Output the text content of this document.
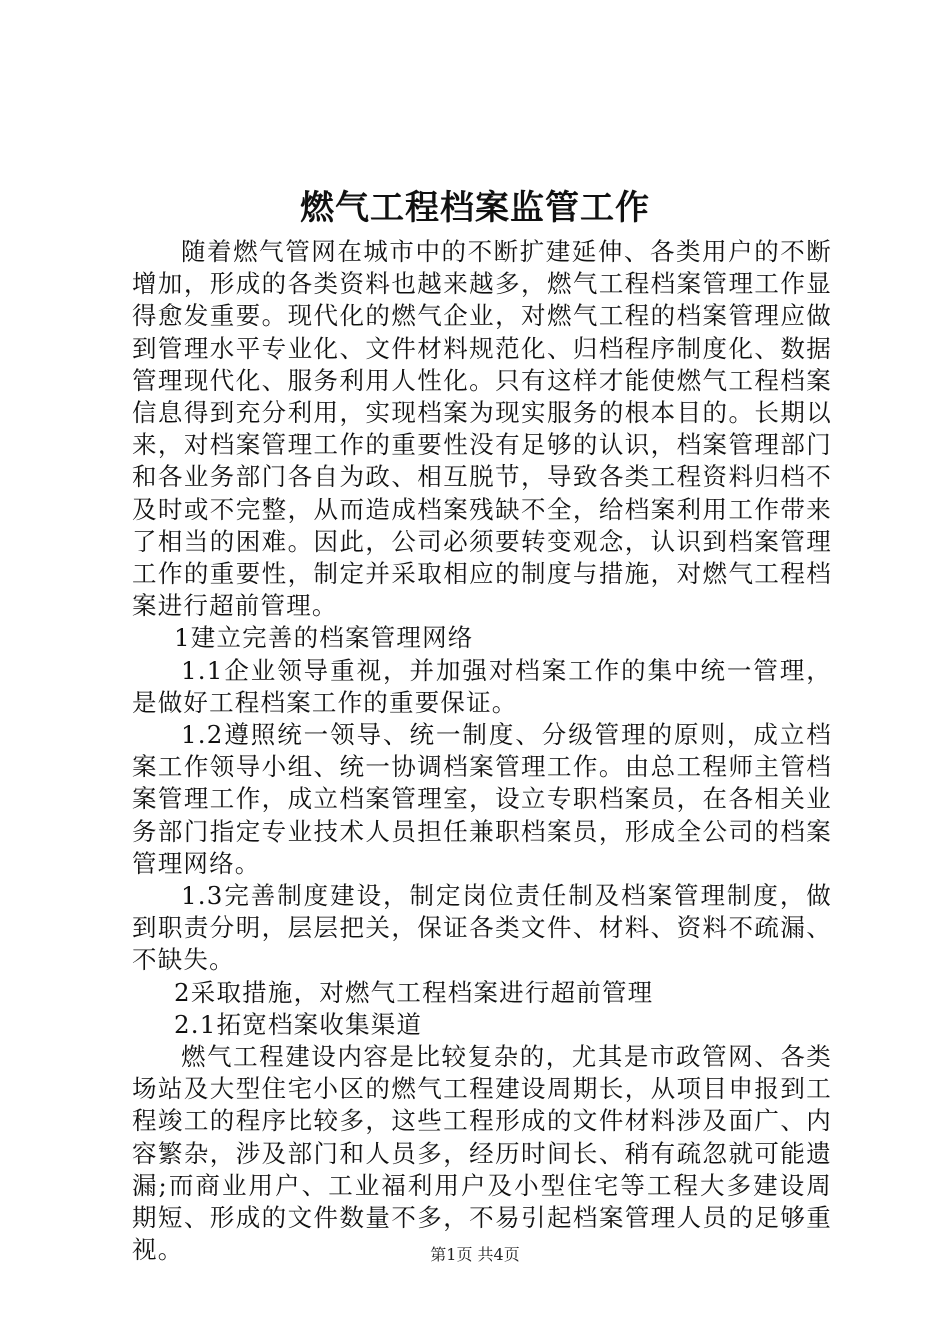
燃气工程档案监管工作

随着燃气管网在城市中的不断扩建延伸、各类用户的不断增加，形成的各类资料也越来越多，燃气工程档案管理工作显得愈发重要。现代化的燃气企业，对燃气工程的档案管理应做到管理水平专业化、文件材料规范化、归档程序制度化、数据管理现代化、服务利用人性化。只有这样才能使燃气工程档案信息得到充分利用，实现档案为现实服务的根本目的。长期以来，对档案管理工作的重要性没有足够的认识，档案管理部门和各业务部门各自为政、相互脱节，导致各类工程资料归档不及时或不完整，从而造成档案残缺不全，给档案利用工作带来了相当的困难。因此，公司必须要转变观念，认识到档案管理工作的重要性，制定并采取相应的制度与措施，对燃气工程档案进行超前管理。

1建立完善的档案管理网络

1.1企业领导重视，并加强对档案工作的集中统一管理，是做好工程档案工作的重要保证。

1.2遵照统一领导、统一制度、分级管理的原则，成立档案工作领导小组、统一协调档案管理工作。由总工程师主管档案管理工作，成立档案管理室，设立专职档案员，在各相关业务部门指定专业技术人员担任兼职档案员，形成全公司的档案管理网络。

1.3完善制度建设，制定岗位责任制及档案管理制度，做到职责分明，层层把关，保证各类文件、材料、资料不疏漏、不缺失。

2采取措施，对燃气工程档案进行超前管理

2.1拓宽档案收集渠道

燃气工程建设内容是比较复杂的，尤其是市政管网、各类场站及大型住宅小区的燃气工程建设周期长，从项目申报到工程竣工的程序比较多，这些工程形成的文件材料涉及面广、内容繁杂，涉及部门和人员多，经历时间长、稍有疏忽就可能遗漏;而商业用户、工业福利用户及小型住宅等工程大多建设周期短、形成的文件数量不多，不易引起档案管理人员的足够重视。	第1页 共4页
